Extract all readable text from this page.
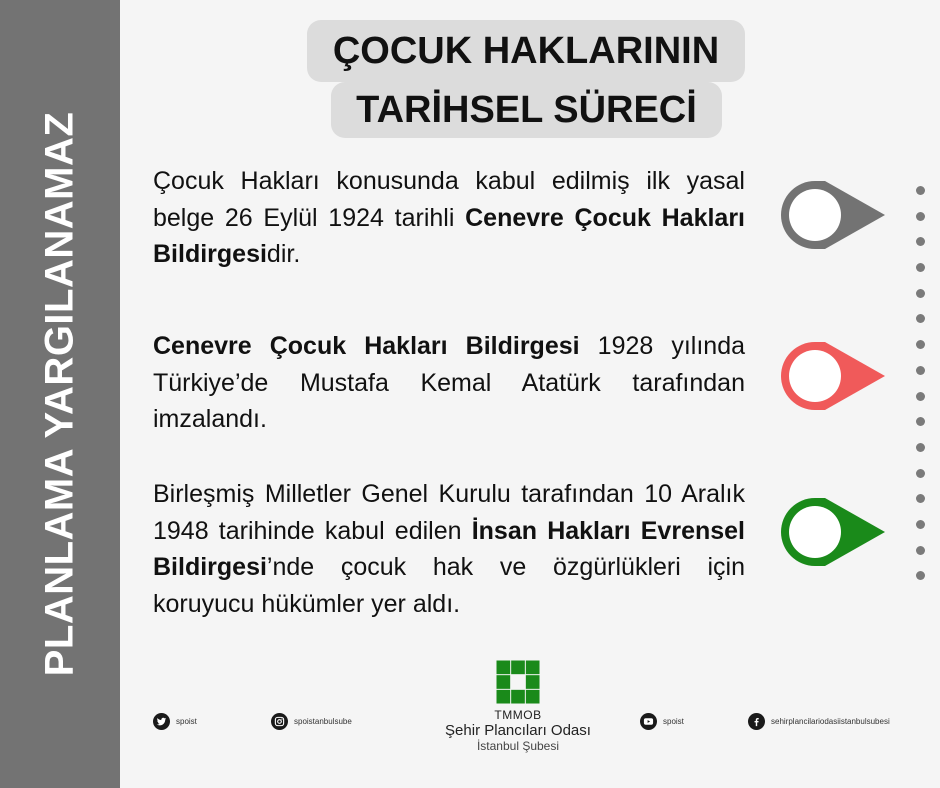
PLANLAMA YARGILANAMAZ
ÇOCUK HAKLARININ
TARİHSEL SÜRECİ
Çocuk Hakları konusunda kabul edilmiş ilk yasal belge 26 Eylül 1924 tarihli Cenevre Çocuk Hakları Bildirgesidir.
Cenevre Çocuk Hakları Bildirgesi 1928 yılında Türkiye’de Mustafa Kemal Atatürk tarafından imzalandı.
Birleşmiş Milletler Genel Kurulu tarafından 10 Aralık 1948 tarihinde kabul edilen İnsan Hakları Evrensel Bildirgesi’nde çocuk hak ve özgürlükleri için koruyucu hükümler yer aldı.
spoist	spoistanbulsube	spoist	sehirplancilariodasiistanbulsubesi
TMMOB
Şehir Plancıları Odası
İstanbul Şubesi
